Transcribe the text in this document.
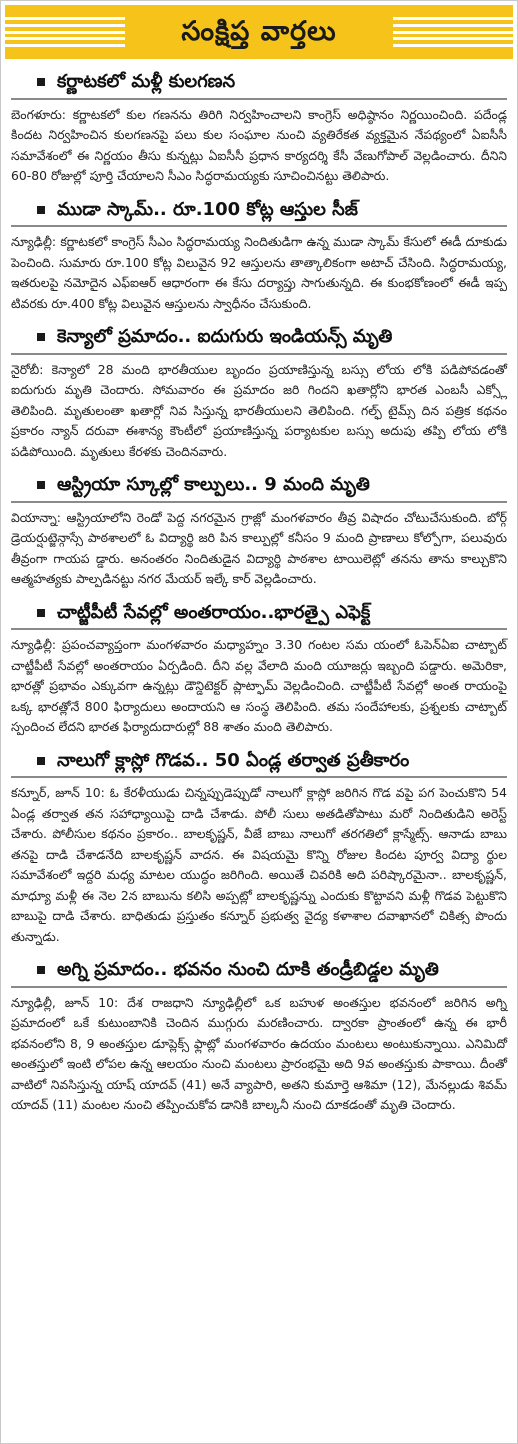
సంక్షిప్త వార్తలు
కర్ణాటకలో మళ్లీ కులగణన

బెంగళూరు: కర్ణాటకలో కుల గణనను తిరిగి నిర్వహించాలని కాంగ్రెస్ అధిష్ఠానం నిర్ణయించింది. పదేండ్ల కిందట నిర్వహించిన కులగణనపై పలు కుల సంఘాల నుంచి వ్యతిరేకత వ్యక్తమైన నేపథ్యంలో ఏఐసీసీ సమావేశంలో ఈ నిర్ణయం తీసు కున్నట్లు ఏఐసీసీ ప్రధాన కార్యదర్శి కేసీ వేణుగోపాల్ వెల్లడించారు. దీనిని 60-80 రోజుల్లో పూర్తి చేయాలని సీఎం సిద్ధరామయ్యకు సూచించినట్టు తెలిపారు.

ముడా స్కామ్.. రూ.100 కోట్ల ఆస్తుల సీజ్

న్యూఢిల్లీ: కర్ణాటకలో కాంగ్రెస్ సీఎం సిద్ధరామయ్య నిందితుడిగా ఉన్న ముడా స్కామ్ కేసులో ఈడీ దూకుడు పెంచింది. సుమారు రూ.100 కోట్ల విలువైన 92 ఆస్తులను తాత్కాలికంగా అటాచ్ చేసింది. సిద్ధరామయ్య, ఇతరులపై నమోదైన ఎఫ్ఐఆర్ ఆధారంగా ఈ కేసు దర్యాప్తు సాగుతున్నది. ఈ కుంభకోణంలో ఈడీ ఇప్ప టివరకు రూ.400 కోట్ల విలువైన ఆస్తులను స్వాధీనం చేసుకుంది.

కెన్యాలో ప్రమాదం.. ఐదుగురు ఇండియన్స్ మృతి

నైరోబీ: కెన్యాలో 28 మంది భారతీయుల బృందం ప్రయాణిస్తున్న బస్సు లోయ లోకి పడిపోవడంతో ఐదుగురు మృతి చెందారు. సోమవారం ఈ ప్రమాదం జరి గిందని ఖతార్లోని భారత ఎంబసీ ఎక్స్లో తెలిపింది. మృతులంతా ఖతార్లో నివ సిస్తున్న భారతీయులని తెలిపింది. గల్ఫ్ టైమ్స్ దిన పత్రిక కథనం ప్రకారం న్యాన్ దరువా ఈశాన్య కౌంటీలో ప్రయాణిస్తున్న పర్యాటకుల బస్సు అదుపు తప్పి లోయ లోకి పడిపోయింది. మృతులు కేరళకు చెందినవారు.

ఆస్ట్రియా స్కూల్లో కాల్పులు.. 9 మంది మృతి

వియాన్నా: ఆస్ట్రియాలోని రెండో పెద్ద నగరమైన గ్రాజ్లో మంగళవారం తీవ్ర విషాదం చోటుచేసుకుంది. బోర్గ్ డ్రెయర్షుట్జెన్గాస్సే పాఠశాలలో ఓ విద్యార్థి జరి పిన కాల్పుల్లో కనీసం 9 మంది ప్రాణాలు కోల్పోగా, పలువురు తీవ్రంగా గాయప డ్డారు. అనంతరం నిందితుడైన విద్యార్థి పాఠశాల టాయిలెట్లో తనను తాను కాల్చుకొని ఆత్మహత్యకు పాల్పడినట్టు నగర మేయర్ ఇల్కే కార్ వెల్లడించారు.

చాట్జీపీటీ సేవల్లో అంతరాయం..భారత్పై ఎఫెక్ట్

న్యూఢిల్లీ: ప్రపంచవ్యాప్తంగా మంగళవారం మధ్యాహ్నం 3.30 గంటల సమ యంలో ఓపెన్ఏఐ చాట్బాట్ చాట్జీపీటీ సేవల్లో అంతరాయం ఏర్పడింది. దీని వల్ల వేలాది మంది యూజర్లు ఇబ్బంది పడ్డారు. అమెరికా, భారత్లో ప్రభావం ఎక్కువగా ఉన్నట్లు డౌన్డిటెక్టర్ ప్లాట్ఫామ్ వెల్లడించింది. చాట్జీపీటీ సేవల్లో అంత రాయంపై ఒక్క భారత్లోనే 800 ఫిర్యాదులు అందాయని ఆ సంస్థ తెలిపింది. తమ సందేహాలకు, ప్రశ్నలకు చాట్బాట్ స్పందించ లేదని భారత ఫిర్యాదుదారుల్లో 88 శాతం మంది తెలిపారు.

నాలుగో క్లాస్లో గొడవ.. 50 ఏండ్ల తర్వాత ప్రతీకారం

కన్నూర్, జూన్ 10: ఓ కేరళీయుడు చిన్నప్పుడెప్పుడో నాలుగో క్లాస్లో జరిగిన గొడ వపై పగ పెంచుకొని 54 ఏండ్ల తర్వాత తన సహాధ్యాయిపై దాడి చేశాడు. పోలీ సులు అతడితోపాటు మరో నిందితుడిని అరెస్ట్ చేశారు. పోలీసుల కథనం ప్రకారం.. బాలకృష్ణన్, వీజే బాబు నాలుగో తరగతిలో క్లాస్మేట్స్. ఆనాడు బాబు తనపై దాడి చేశాడనేది బాలకృష్ణన్ వాదన. ఈ విషయమై కొన్ని రోజుల కిందట పూర్వ విద్యా ర్థుల సమావేశంలో ఇద్దరి మధ్య మాటల యుద్ధం జరిగింది. అయితే చివరికి అది పరిష్కారమైనా.. బాలకృష్ణన్, మాధ్యూ మళ్లీ ఈ నెల 2న బాబును కలిసి అప్పట్లో బాలకృష్ణన్ను ఎందుకు కొట్టావని మళ్లీ గొడవ పెట్టుకొని బాబుపై దాడి చేశారు. బాధితుడు ప్రస్తుతం కన్నూర్ ప్రభుత్వ వైద్య కళాశాల దవాఖానలో చికిత్స పొందు తున్నాడు.

అగ్ని ప్రమాదం.. భవనం నుంచి దూకి తండ్రీబిడ్డల మృతి

న్యూఢిల్లీ, జూన్ 10: దేశ రాజధాని న్యూఢిల్లీలో ఒక బహుళ అంతస్తుల భవనంలో జరిగిన అగ్ని ప్రమాదంలో ఒకే కుటుంబానికి చెందిన ముగ్గురు మరణించారు. ద్వారకా ప్రాంతంలో ఉన్న ఈ భారీ భవనంలోని 8, 9 అంతస్తుల డూప్లెక్స్ ఫ్లాట్లో మంగళవారం ఉదయం మంటలు అంటుకున్నాయి. ఎనిమిదో అంతస్తులో ఇంటి లోపల ఉన్న ఆలయం నుంచి మంటలు ప్రారంభమై అది 9వ అంతస్తుకు పాకాయి. దీంతో వాటిలో నివసిస్తున్న యాష్ యాదవ్ (41) అనే వ్యాపారి, అతని కుమార్తె ఆశిమా (12), మేనల్లుడు శివమ్ యాదవ్ (11) మంటల నుంచి తప్పించుకోవ డానికి బాల్కనీ నుంచి దూకడంతో మృతి చెందారు.
